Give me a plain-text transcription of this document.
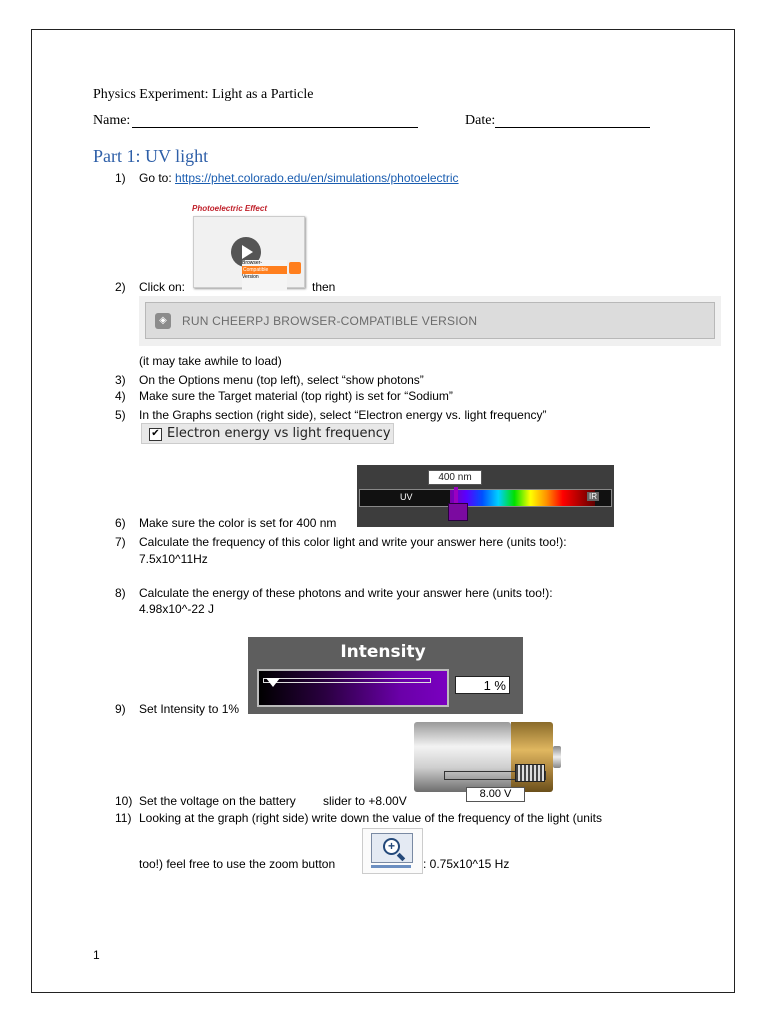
Physics Experiment: Light as a Particle
Name:	Date:
Part 1: UV light
1) Go to: https://phet.colorado.edu/en/simulations/photoelectric
Photoelectric Effect
Browser-
Compatible
Version
2) Click on:	then
◈	RUN CHEERPJ BROWSER-COMPATIBLE VERSION
(it may take awhile to load)
3) On the Options menu (top left), select “show photons”
4) Make sure the Target material (top right) is set for “Sodium”
5) In the Graphs section (right side), select “Electron energy vs. light frequency”
✔ Electron energy vs light frequency
400 nm
UV	IR
6) Make sure the color is set for 400 nm
7) Calculate the frequency of this color light and write your answer here (units too!):
7.5x10^11Hz
8) Calculate the energy of these photons and write your answer here (units too!):
4.98x10^-22 J
Intensity
1 %
9) Set Intensity to 1%
8.00 V
10) Set the voltage on the battery slider to +8.00V
11) Looking at the graph (right side) write down the value of the frequency of the light (units
too!) feel free to use the zoom button
+
: 0.75x10^15 Hz
1
